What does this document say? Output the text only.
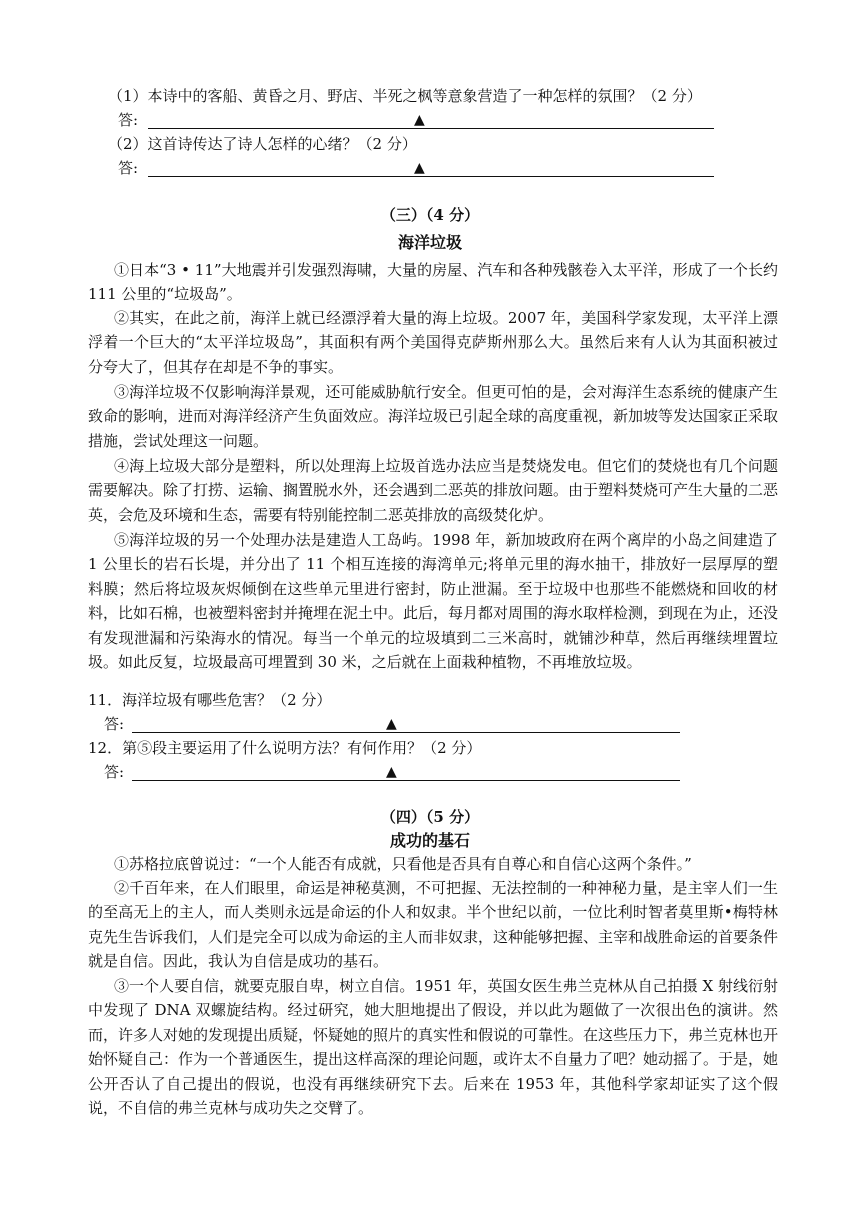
（1）本诗中的客船、黄昏之月、野店、半死之枫等意象营造了一种怎样的氛围？（2 分）
答:	▲
（2）这首诗传达了诗人怎样的心绪？（2 分）
答:	▲
（三）（4 分）
海洋垃圾
①日本“3 • 11”大地震并引发强烈海啸，大量的房屋、汽车和各种残骸卷入太平洋，形成了一个长约 111 公里的“垃圾岛”。
②其实，在此之前，海洋上就已经漂浮着大量的海上垃圾。2007 年，美国科学家发现，太平洋上漂浮着一个巨大的“太平洋垃圾岛”，其面积有两个美国得克萨斯州那么大。虽然后来有人认为其面积被过分夸大了，但其存在却是不争的事实。
③海洋垃圾不仅影响海洋景观，还可能威胁航行安全。但更可怕的是，会对海洋生态系统的健康产生致命的影响，进而对海洋经济产生负面效应。海洋垃圾已引起全球的高度重视，新加坡等发达国家正采取措施，尝试处理这一问题。
④海上垃圾大部分是塑料，所以处理海上垃圾首选办法应当是焚烧发电。但它们的焚烧也有几个问题需要解决。除了打捞、运输、搁置脱水外，还会遇到二恶英的排放问题。由于塑料焚烧可产生大量的二恶英，会危及环境和生态，需要有特别能控制二恶英排放的高级焚化炉。
⑤海洋垃圾的另一个处理办法是建造人工岛屿。1998 年，新加坡政府在两个离岸的小岛之间建造了 1 公里长的岩石长堤，并分出了 11 个相互连接的海湾单元;将单元里的海水抽干，排放好一层厚厚的塑料膜；然后将垃圾灰烬倾倒在这些单元里进行密封，防止泄漏。至于垃圾中也那些不能燃烧和回收的材料，比如石棉，也被塑料密封并掩埋在泥土中。此后，每月都对周围的海水取样检测，到现在为止，还没有发现泄漏和污染海水的情况。每当一个单元的垃圾填到二三米高时，就铺沙种草，然后再继续埋置垃圾。如此反复，垃圾最高可埋置到 30 米，之后就在上面栽种植物，不再堆放垃圾。
11．海洋垃圾有哪些危害？（2 分）
答:	▲
12．第⑤段主要运用了什么说明方法？有何作用？（2 分）
答:	▲
（四）（5 分）
成功的基石
①苏格拉底曾说过：“一个人能否有成就，只看他是否具有自尊心和自信心这两个条件。”
②千百年来，在人们眼里，命运是神秘莫测，不可把握、无法控制的一种神秘力量，是主宰人们一生的至高无上的主人，而人类则永远是命运的仆人和奴隶。半个世纪以前，一位比利时智者莫里斯•梅特林克先生告诉我们，人们是完全可以成为命运的主人而非奴隶，这种能够把握、主宰和战胜命运的首要条件就是自信。因此，我认为自信是成功的基石。
③一个人要自信，就要克服自卑，树立自信。1951 年，英国女医生弗兰克林从自己拍摄 X 射线衍射中发现了 DNA 双螺旋结构。经过研究，她大胆地提出了假设，并以此为题做了一次很出色的演讲。然而，许多人对她的发现提出质疑，怀疑她的照片的真实性和假说的可靠性。在这些压力下，弗兰克林也开始怀疑自己：作为一个普通医生，提出这样高深的理论问题，或许太不自量力了吧？她动摇了。于是，她公开否认了自己提出的假说，也没有再继续研究下去。后来在 1953 年，其他科学家却证实了这个假说，不自信的弗兰克林与成功失之交臂了。
